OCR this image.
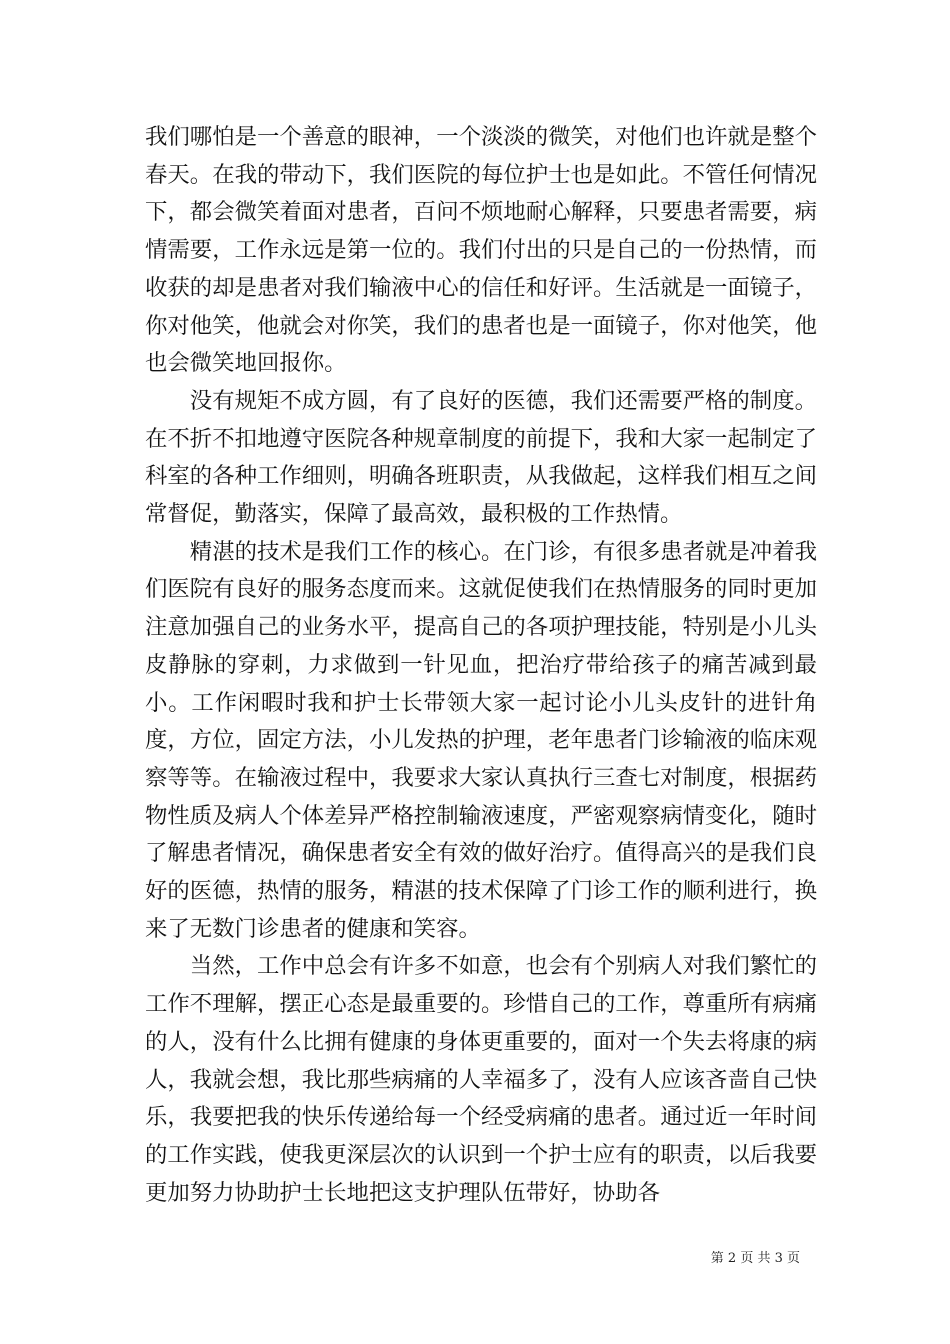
我们哪怕是一个善意的眼神，一个淡淡的微笑，对他们也许就是整个春天。在我的带动下，我们医院的每位护士也是如此。不管任何情况下，都会微笑着面对患者，百问不烦地耐心解释，只要患者需要，病情需要，工作永远是第一位的。我们付出的只是自己的一份热情，而收获的却是患者对我们输液中心的信任和好评。生活就是一面镜子，你对他笑，他就会对你笑，我们的患者也是一面镜子，你对他笑，他也会微笑地回报你。

没有规矩不成方圆，有了良好的医德，我们还需要严格的制度。在不折不扣地遵守医院各种规章制度的前提下，我和大家一起制定了科室的各种工作细则，明确各班职责，从我做起，这样我们相互之间常督促，勤落实，保障了最高效，最积极的工作热情。

精湛的技术是我们工作的核心。在门诊，有很多患者就是冲着我们医院有良好的服务态度而来。这就促使我们在热情服务的同时更加注意加强自己的业务水平，提高自己的各项护理技能，特别是小儿头皮静脉的穿刺，力求做到一针见血，把治疗带给孩子的痛苦减到最小。工作闲暇时我和护士长带领大家一起讨论小儿头皮针的进针角度，方位，固定方法，小儿发热的护理，老年患者门诊输液的临床观察等等。在输液过程中，我要求大家认真执行三查七对制度，根据药物性质及病人个体差异严格控制输液速度，严密观察病情变化，随时了解患者情况，确保患者安全有效的做好治疗。值得高兴的是我们良好的医德，热情的服务，精湛的技术保障了门诊工作的顺利进行，换来了无数门诊患者的健康和笑容。

当然，工作中总会有许多不如意，也会有个别病人对我们繁忙的工作不理解，摆正心态是最重要的。珍惜自己的工作，尊重所有病痛的人，没有什么比拥有健康的身体更重要的，面对一个失去将康的病人，我就会想，我比那些病痛的人幸福多了，没有人应该吝啬自己快乐，我要把我的快乐传递给每一个经受病痛的患者。通过近一年时间的工作实践，使我更深层次的认识到一个护士应有的职责，以后我要更加努力协助护士长地把这支护理队伍带好，协助各

第 2 页 共 3 页
